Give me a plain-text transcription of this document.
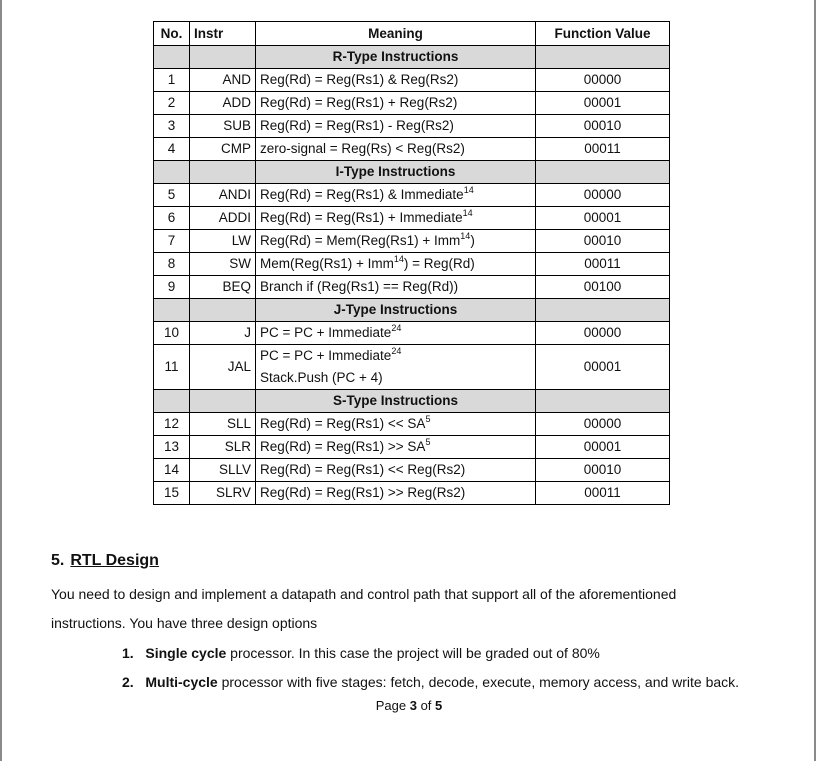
No.	Instr	Meaning	Function Value
		R-Type Instructions	
1	AND	Reg(Rd) = Reg(Rs1) & Reg(Rs2)	00000
2	ADD	Reg(Rd) = Reg(Rs1) + Reg(Rs2)	00001
3	SUB	Reg(Rd) = Reg(Rs1) - Reg(Rs2)	00010
4	CMP	zero-signal = Reg(Rs) < Reg(Rs2)	00011
		I-Type Instructions	
5	ANDI	Reg(Rd) = Reg(Rs1) & Immediate$^{14}$	00000
6	ADDI	Reg(Rd) = Reg(Rs1) + Immediate$^{14}$	00001
7	LW	Reg(Rd) = Mem(Reg(Rs1) + Imm$^{14}$)	00010
8	SW	Mem(Reg(Rs1) + Imm$^{14}$) = Reg(Rd)	00011
9	BEQ	Branch if (Reg(Rs1) == Reg(Rd))	00100
		J-Type Instructions	
10	J	PC = PC + Immediate$^{24}$	00000
11	JAL	PC = PC + Immediate$^{24}$
Stack.Push (PC + 4)	00001
		S-Type Instructions	
12	SLL	$Reg(Rd) = Reg(Rs1) << SA^5$	00000
13	SLR	$Reg(Rd) = Reg(Rs1) >> SA^5$	00001
14	SLLV	Reg(Rd) = Reg(Rs1) << Reg(Rs2)	00010
15	SLRV	Reg(Rd) = Reg(Rs1) >> Reg(Rs2)	00011
5. RTL Design
You need to design and implement a datapath and control path that support all of the aforementioned
instructions. You have three design options
1. Single cycle processor. In this case the project will be graded out of 80%
2. Multi-cycle processor with five stages: fetch, decode, execute, memory access, and write back.
Page 3 of 5
